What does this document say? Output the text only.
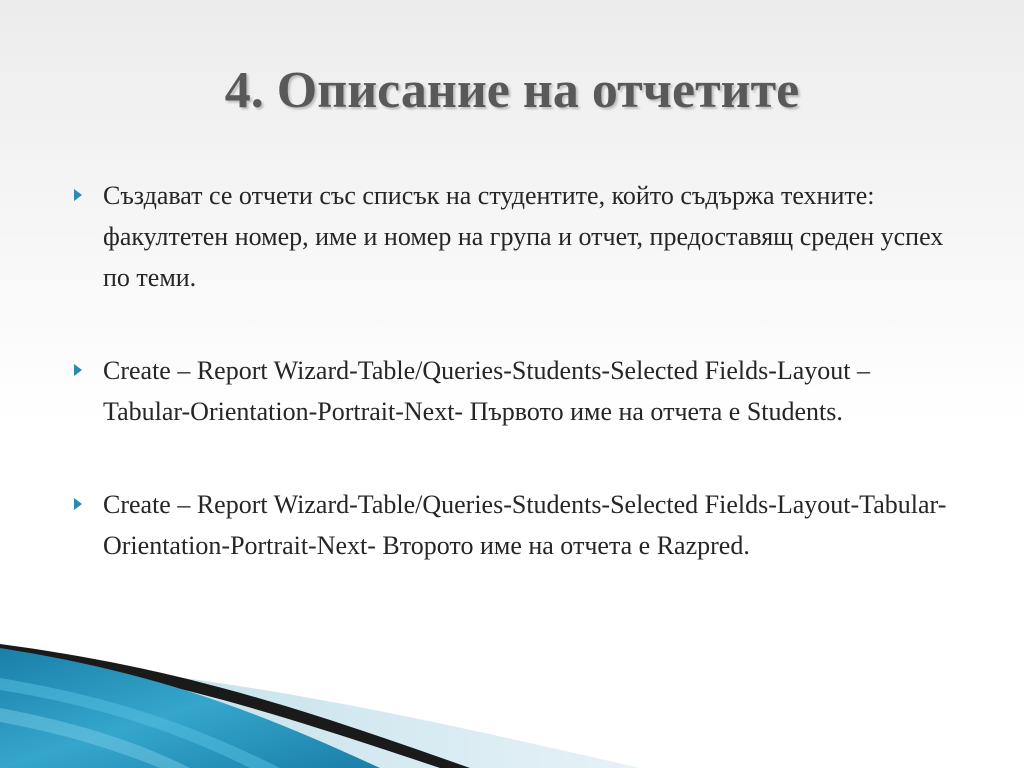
4. Описание на отчетите
Създават се отчети със списък на студентите, който съдържа техните: факултетен номер, име и номер на група и отчет, предоставящ среден успех по теми.
Create – Report Wizard-Table/Queries-Students-Selected Fields-Layout –Tabular-Orientation-Portrait-Next- Първото име на отчета е Students.
Create – Report Wizard-Table/Queries-Students-Selected Fields-Layout-Tabular-Orientation-Portrait-Next- Второто име на отчета е Razpred.
